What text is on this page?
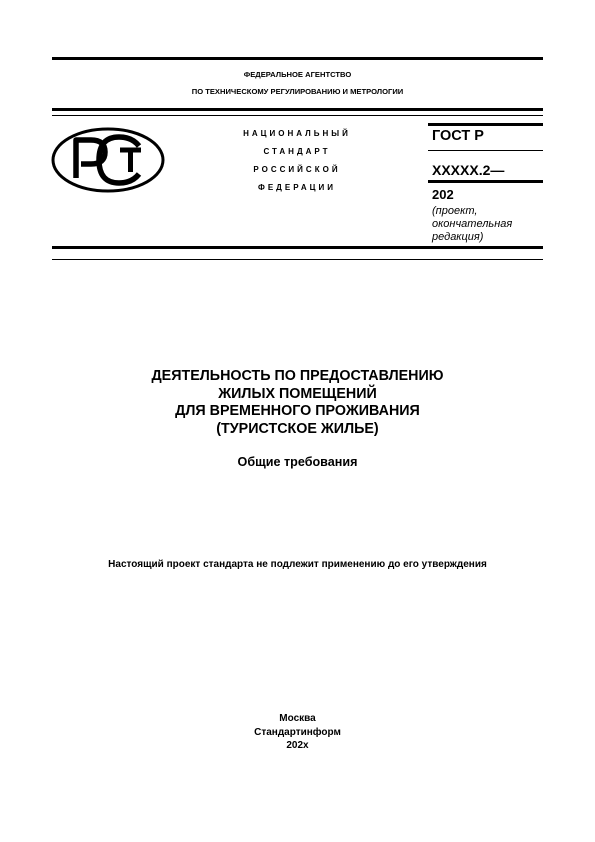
ФЕДЕРАЛЬНОЕ АГЕНТСТВО
ПО ТЕХНИЧЕСКОМУ РЕГУЛИРОВАНИЮ И МЕТРОЛОГИИ
НАЦИОНАЛЬНЫЙ
СТАНДАРТ
РОССИЙСКОЙ
ФЕДЕРАЦИИ
ГОСТ Р
ХХХХХ.2—
202
(проект,
окончательная
редакция)
ДЕЯТЕЛЬНОСТЬ ПО ПРЕДОСТАВЛЕНИЮ
ЖИЛЫХ ПОМЕЩЕНИЙ
ДЛЯ ВРЕМЕННОГО ПРОЖИВАНИЯ
(ТУРИСТСКОЕ ЖИЛЬЕ)
Общие требования
Настоящий проект стандарта не подлежит применению до его утверждения
Москва
Стандартинформ
202х
